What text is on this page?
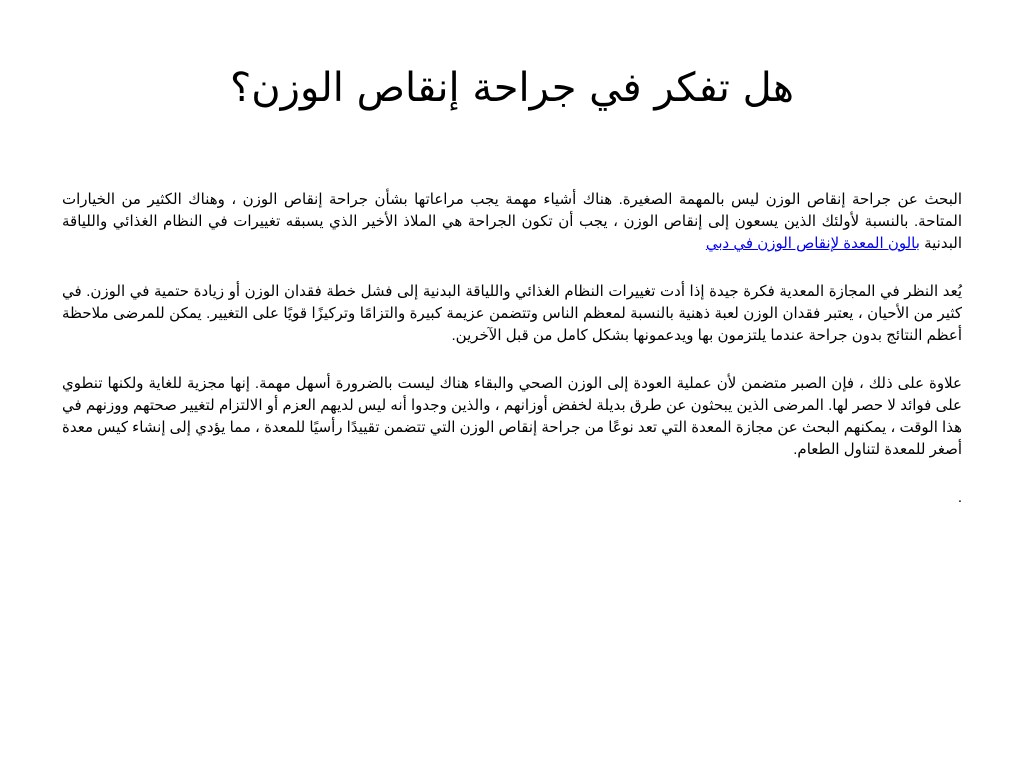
هل تفكر في جراحة إنقاص الوزن؟

البحث عن جراحة إنقاص الوزن ليس بالمهمة الصغيرة. هناك أشياء مهمة يجب مراعاتها بشأن جراحة إنقاص الوزن ، وهناك الكثير من الخيارات المتاحة. بالنسبة لأولئك الذين يسعون إلى إنقاص الوزن ، يجب أن تكون الجراحة هي الملاذ الأخير الذي يسبقه تغييرات في النظام الغذائي واللياقة البدنية بالون المعدة لإنقاص الوزن في دبي

يُعد النظر في المجازة المعدية فكرة جيدة إذا أدت تغييرات النظام الغذائي واللياقة البدنية إلى فشل خطة فقدان الوزن أو زيادة حتمية في الوزن. في كثير من الأحيان ، يعتبر فقدان الوزن لعبة ذهنية بالنسبة لمعظم الناس وتتضمن عزيمة كبيرة والتزامًا وتركيزًا قويًا على التغيير. يمكن للمرضى ملاحظة أعظم النتائج بدون جراحة عندما يلتزمون بها ويدعمونها بشكل كامل من قبل الآخرين.

علاوة على ذلك ، فإن الصبر متضمن لأن عملية العودة إلى الوزن الصحي والبقاء هناك ليست بالضرورة أسهل مهمة. إنها مجزية للغاية ولكنها تنطوي على فوائد لا حصر لها. المرضى الذين يبحثون عن طرق بديلة لخفض أوزانهم ، والذين وجدوا أنه ليس لديهم العزم أو الالتزام لتغيير صحتهم ووزنهم في هذا الوقت ، يمكنهم البحث عن مجازة المعدة التي تعد نوعًا من جراحة إنقاص الوزن التي تتضمن تقييدًا رأسيًا للمعدة ، مما يؤدي إلى إنشاء كيس معدة أصغر للمعدة لتناول الطعام.

.
